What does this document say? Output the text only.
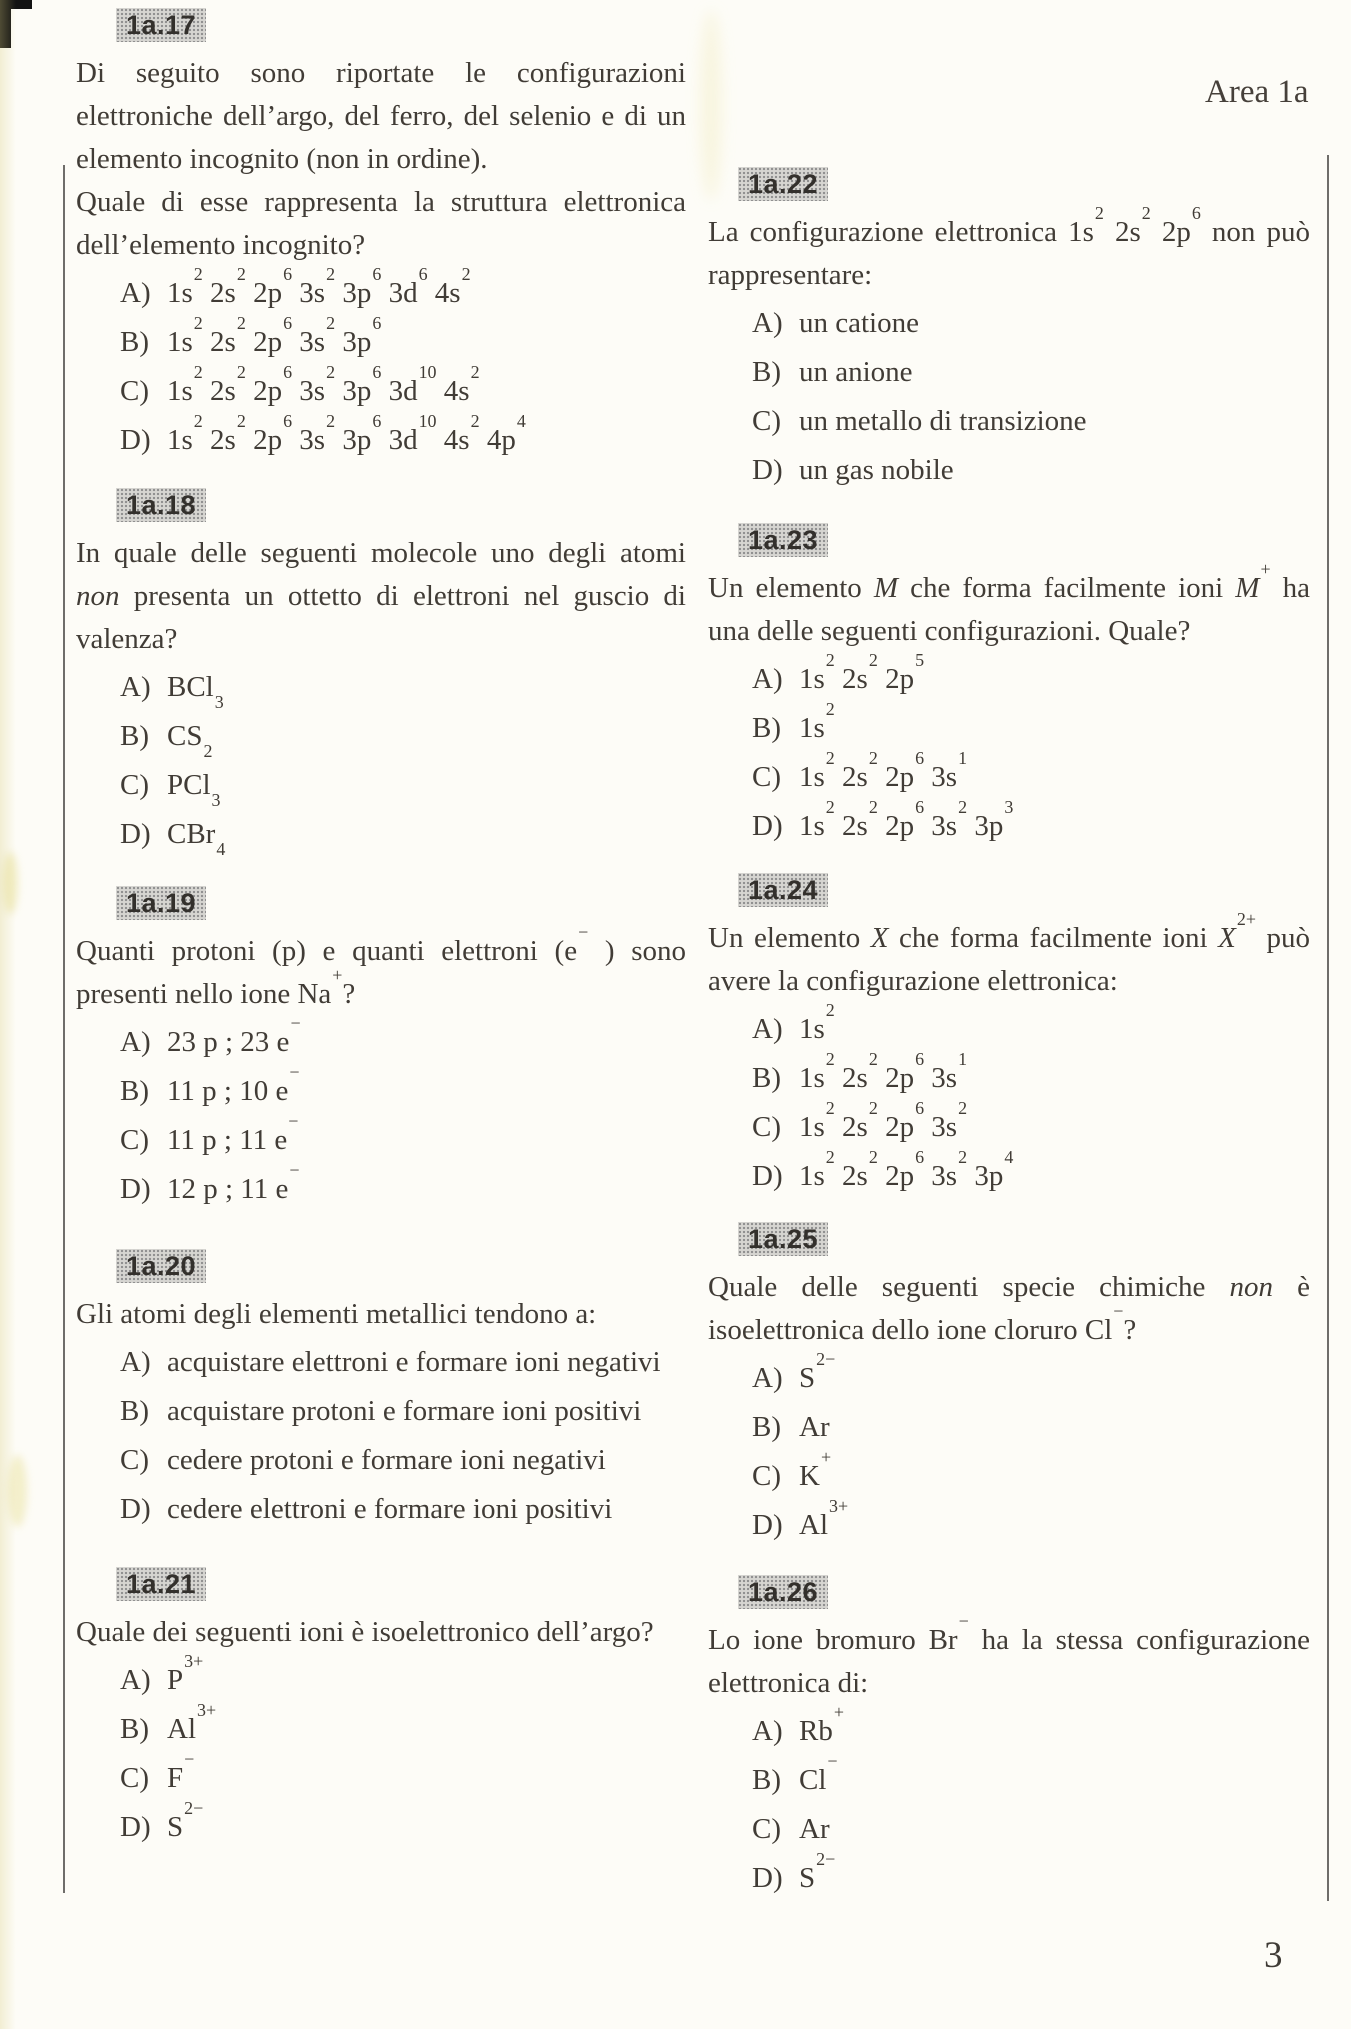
Area 1a
3
1a.17

Di seguito sono riportate le configurazioni elettroniche dell’argo, del ferro, del selenio e di un elemento incognito (non in ordine).
Quale di esse rappresenta la struttura elettronica dell’elemento incognito?

A) $1s^2$ $2s^2$ $2p^6$ $3s^2$ $3p^6$ $3d^6$ $4s^2$
B) $1s^2$ $2s^2$ $2p^6$ $3s^2$ $3p^6$
C) $1s^2$ $2s^2$ $2p^6$ $3s^2$ $3p^6$ $3d^{10}$ $4s^2$
D) $1s^2$ $2s^2$ $2p^6$ $3s^2$ $3p^6$ $3d^{10}$ $4s^2$ $4p^4$
1a.18

In quale delle seguenti molecole uno degli atomi non presenta un ottetto di elettroni nel guscio di valenza?

A) BCl$_3$
B) $CS_2$
C) PCl$_3$
D) CBr$_4$
1a.19

Quanti protoni (p) e quanti elettroni (e− ) sono presenti nello ione Na+?

A) 23 p ; 23 e−
B) 11 p ; 10 e−
C) 11 p ; 11 e−
D) 12 p ; 11 e−
1a.20

Gli atomi degli elementi metallici tendono a:

A) acquistare elettroni e formare ioni negativi
B) acquistare protoni e formare ioni positivi
C) cedere protoni e formare ioni negativi
D) cedere elettroni e formare ioni positivi
1a.21

Quale dei seguenti ioni è isoelettronico dell’argo?

A) $P^{3+}$
B) $Al^{3+}$
C) F−
D) $S^{2-}$
1a.22

La configurazione elettronica $1s^2$ $2s^2$ $2p^6$ non può rappresentare:

A) un catione
B) un anione
C) un metallo di transizione
D) un gas nobile
1a.23

Un elemento M che forma facilmente ioni M+ ha una delle seguenti configurazioni. Quale?

A) $1s^2$ $2s^2$ $2p^5$
B) $1s^2$
C) $1s^2$ $2s^2$ $2p^6$ $3s^1$
D) $1s^2$ $2s^2$ $2p^6$ $3s^2$ $3p^3$
1a.24

Un elemento X che forma facilmente ioni $X^{2+}$ può avere la configurazione elettronica:

A) $1s^2$
B) $1s^2$ $2s^2$ $2p^6$ $3s^1$
C) $1s^2$ $2s^2$ $2p^6$ $3s^2$
D) $1s^2$ $2s^2$ $2p^6$ $3s^2$ $3p^4$
1a.25

Quale delle seguenti specie chimiche non è isoelettronica dello ione cloruro Cl−?

A) $S^{2-}$
B) Ar
C) K+
D) $Al^{3+}$
1a.26

Lo ione bromuro Br− ha la stessa configurazione elettronica di:

A) Rb+
B) Cl−
C) Ar
D) $S^{2-}$
